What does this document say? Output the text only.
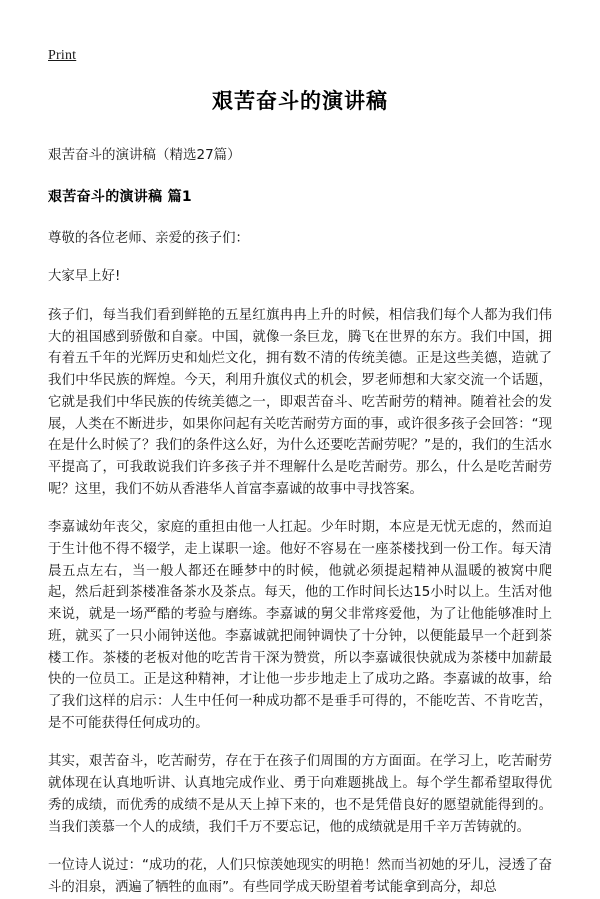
Print
艰苦奋斗的演讲稿
艰苦奋斗的演讲稿（精选27篇）
艰苦奋斗的演讲稿 篇1

尊敬的各位老师、亲爱的孩子们：

大家早上好!

孩子们，每当我们看到鲜艳的五星红旗冉冉上升的时候，相信我们每个人都为我们伟大的祖国感到骄傲和自豪。中国，就像一条巨龙，腾飞在世界的东方。我们中国，拥有着五千年的光辉历史和灿烂文化，拥有数不清的传统美德。正是这些美德，造就了我们中华民族的辉煌。今天，利用升旗仪式的机会，罗老师想和大家交流一个话题，它就是我们中华民族的传统美德之一，即艰苦奋斗、吃苦耐劳的精神。随着社会的发展，人类在不断进步，如果你问起有关吃苦耐劳方面的事，或许很多孩子会回答：“现在是什么时候了？我们的条件这么好，为什么还要吃苦耐劳呢？”是的，我们的生活水平提高了，可我敢说我们许多孩子并不理解什么是吃苦耐劳。那么，什么是吃苦耐劳呢？这里，我们不妨从香港华人首富李嘉诚的故事中寻找答案。

李嘉诚幼年丧父，家庭的重担由他一人扛起。少年时期，本应是无忧无虑的，然而迫于生计他不得不辍学，走上谋职一途。他好不容易在一座茶楼找到一份工作。每天清晨五点左右，当一般人都还在睡梦中的时候，他就必须提起精神从温暖的被窝中爬起，然后赶到茶楼准备茶水及茶点。每天，他的工作时间长达15小时以上。生活对他来说，就是一场严酷的考验与磨练。李嘉诚的舅父非常疼爱他，为了让他能够准时上班，就买了一只小闹钟送他。李嘉诚就把闹钟调快了十分钟，以便能最早一个赶到茶楼工作。茶楼的老板对他的吃苦肯干深为赞赏，所以李嘉诚很快就成为茶楼中加薪最快的一位员工。正是这种精神，才让他一步步地走上了成功之路。李嘉诚的故事，给了我们这样的启示：人生中任何一种成功都不是垂手可得的，不能吃苦、不肯吃苦，是不可能获得任何成功的。

其实，艰苦奋斗，吃苦耐劳，存在于在孩子们周围的方方面面。在学习上，吃苦耐劳就体现在认真地听讲、认真地完成作业、勇于向难题挑战上。每个学生都希望取得优秀的成绩，而优秀的成绩不是从天上掉下来的，也不是凭借良好的愿望就能得到的。当我们羡慕一个人的成绩，我们千万不要忘记，他的成绩就是用千辛万苦铸就的。

一位诗人说过：“成功的花，人们只惊羡她现实的明艳！然而当初她的牙儿，浸透了奋斗的泪泉，洒遍了牺牲的血雨”。有些同学成天盼望着考试能拿到高分，却总
